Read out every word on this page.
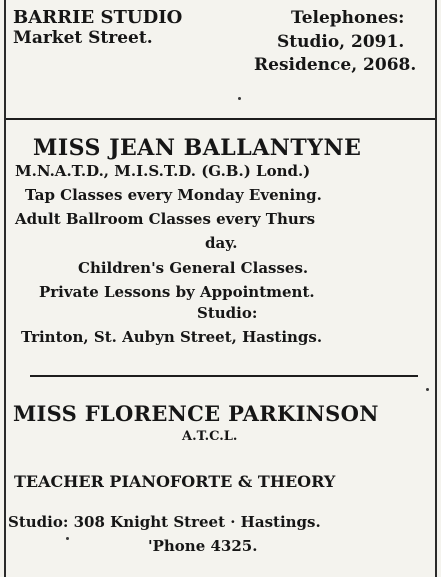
BARRIE STUDIO
Market Street.
Telephones:
Studio, 2091.
Residence, 2068.
MISS JEAN BALLANTYNE
M.N.A.T.D., M.I.S.T.D. (G.B.) Lond.)
Tap Classes every Monday Evening.
Adult Ballroom Classes every Thurs
day.
Children's General Classes.
Private Lessons by Appointment.
Studio:
Trinton, St. Aubyn Street, Hastings.
MISS FLORENCE PARKINSON
A.T.C.L.
TEACHER PIANOFORTE & THEORY
Studio: 308 Knight Street · Hastings.
'Phone 4325.
